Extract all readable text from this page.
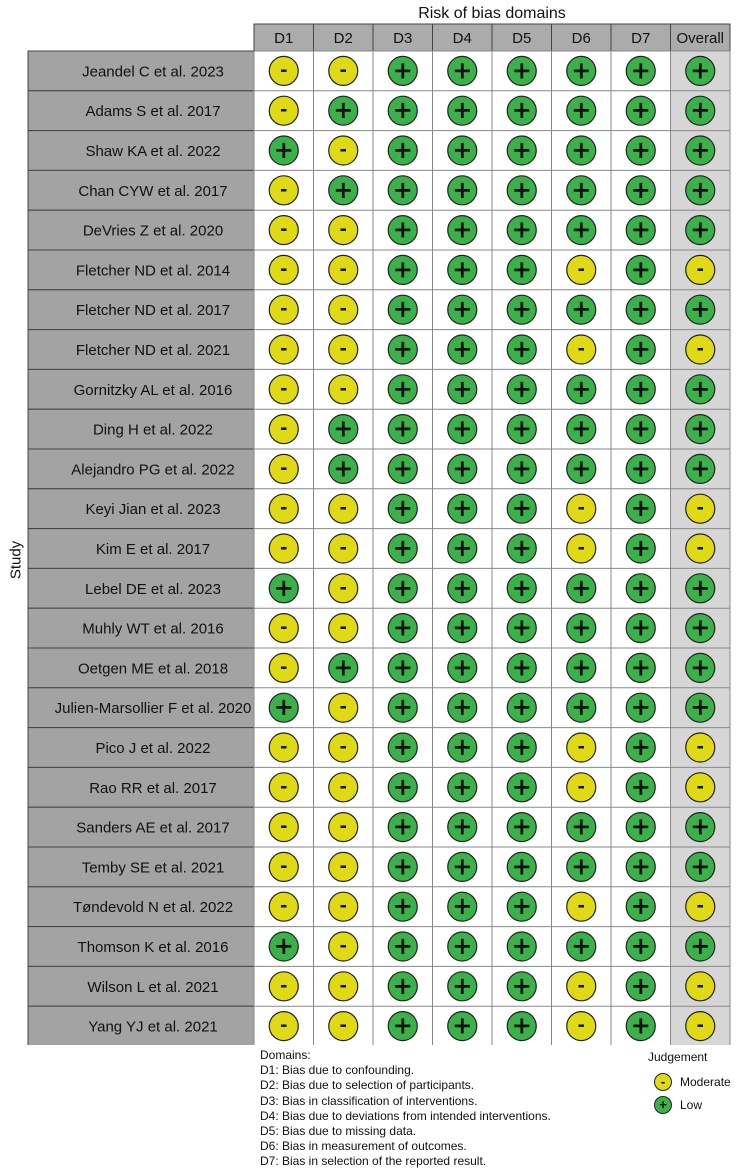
Risk of bias domains
Study
D1	D2	D3	D4	D5	D6	D7 Overall
Jeandel C et al. 2023	-	- + + + + + +
Adams S et al. 2017	- + + + + + + +
Shaw KA et al. 2022 +	- + + + + + +
Chan CYW et al. 2017	- + + + + + + +
DeVries Z et al. 2020	-	- + + + + + +
Fletcher ND et al. 2014	-	- + + +	- +	-
Fletcher ND et al. 2017	-	- + + + + + +
Fletcher ND et al. 2021	-	- + + +	- +	-
Gornitzky AL et al. 2016	-	- + + + + + +
Ding H et al. 2022	- + + + + + + +
Alejandro PG et al. 2022	- + + + + + + +
Keyi Jian et al. 2023	-	- + + +	- +	-
Kim E et al. 2017	-	- + + +	- +	-
Lebel DE et al. 2023 +	- + + + + + +
Muhly WT et al. 2016	-	- + + + + + +
Oetgen ME et al. 2018	- + + + + + + +
Julien-Marsollier F et al. 2020 +	- + + + + + +
Pico J et al. 2022	-	- + + +	- +	-
Rao RR et al. 2017	-	- + + +	- +	-
Sanders AE et al. 2017	-	- + + + + + +
Temby SE et al. 2021	-	- + + + + + +
Tøndevold N et al. 2022	-	- + + +	- +	-
Thomson K et al. 2016 +	- + + + + + +
Wilson L et al. 2021	-	- + + +	- +	-
Yang YJ et al. 2021	-	- + + +	- +	-
Domains:
D1: Bias due to confounding.
D2: Bias due to selection of participants.
D3: Bias in classification of interventions.
D4: Bias due to deviations from intended interventions.
D5: Bias due to missing data.
D6: Bias in measurement of outcomes.
D7: Bias in selection of the reported result.
Judgement
-	Moderate
+	Low
